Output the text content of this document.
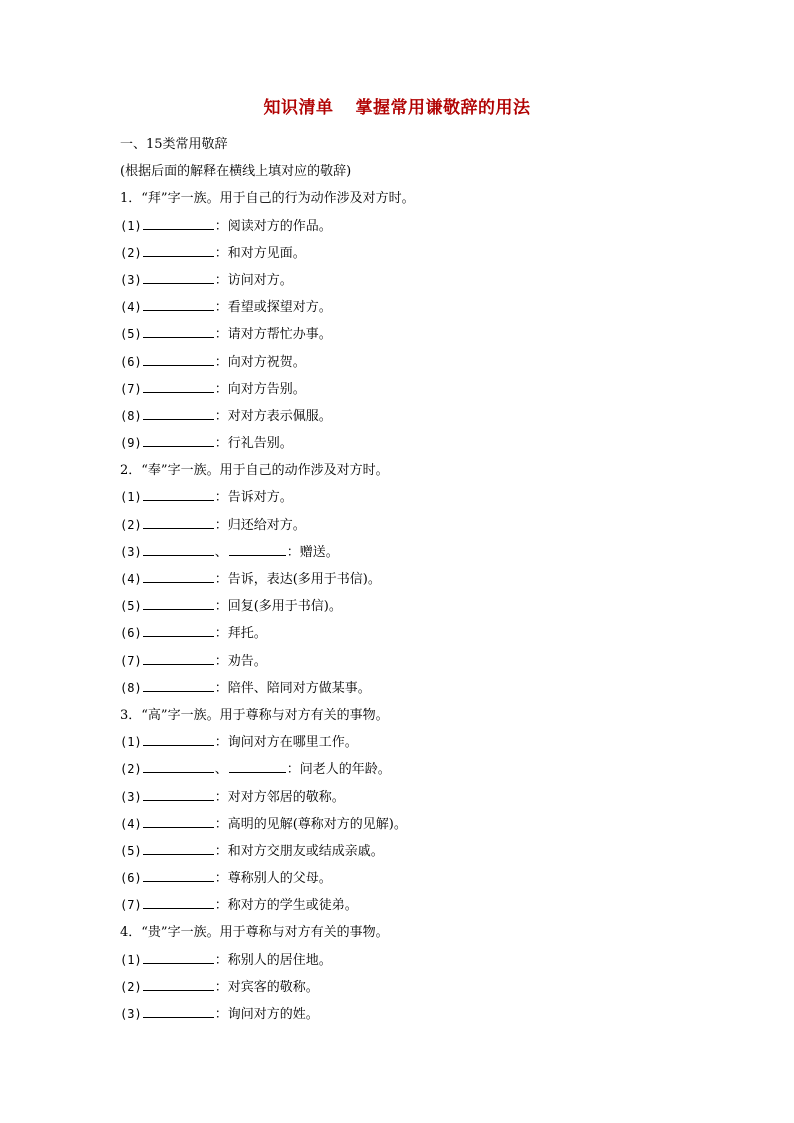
知识清单 掌握常用谦敬辞的用法
一、15类常用敬辞
(根据后面的解释在横线上填对应的敬辞)
1．“拜”字一族。用于自己的行为动作涉及对方时。
(1)	：阅读对方的作品。
(2)	：和对方见面。
(3)	：访问对方。
(4)	：看望或探望对方。
(5)	：请对方帮忙办事。
(6)	：向对方祝贺。
(7)	：向对方告别。
(8)	：对对方表示佩服。
(9)	：行礼告别。
2．“奉”字一族。用于自己的动作涉及对方时。
(1)	：告诉对方。
(2)	：归还给对方。
(3)	、	：赠送。
(4)	：告诉，表达(多用于书信)。
(5)	：回复(多用于书信)。
(6)	：拜托。
(7)	：劝告。
(8)	：陪伴、陪同对方做某事。
3．“高”字一族。用于尊称与对方有关的事物。
(1)	：询问对方在哪里工作。
(2)	、	：问老人的年龄。
(3)	：对对方邻居的敬称。
(4)	：高明的见解(尊称对方的见解)。
(5)	：和对方交朋友或结成亲戚。
(6)	：尊称别人的父母。
(7)	：称对方的学生或徒弟。
4．“贵”字一族。用于尊称与对方有关的事物。
(1)	：称别人的居住地。
(2)	：对宾客的敬称。
(3)	：询问对方的姓。
